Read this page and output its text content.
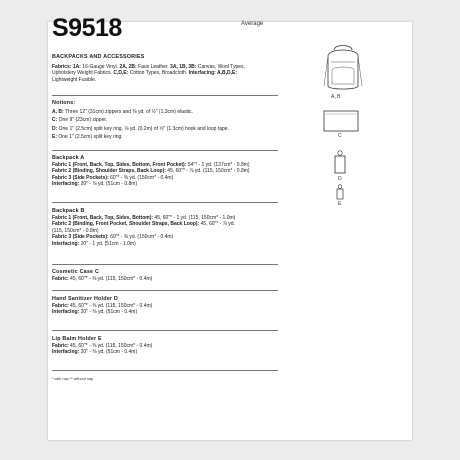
S9518	Average

BACKPACKS AND ACCESSORIES

Fabrics: 1A: 16-Gauge Vinyl. 2A, 2B: Faux Leather. 3A, 1B, 3B: Canvas, Wool Types,

Upholstery Weight Fabrics. C,D,E: Cotton Types, Broadcloth. Interfacing: A,B,D,E:

Lightweight Fusible.

Notions:

A, B: Three 12" (31cm) zippers and ⅜ yd. of ½" (1.3cm) elastic.

C: One 9" (23cm) zipper.

D: One 1" (2.5cm) split key ring, ⅛ yd. (0.2m) of ½" (1.3cm) hook and loop tape.

E: One 1" (2.5cm) split key ring.

Backpack A

Fabric 1 (Front, Back, Top, Sides, Bottom, Front Pocket): 54"* - 1 yd. (137cm* - 0.8m)

Fabric 2 (Binding, Shoulder Straps, Back Loop): 45, 60"* - ⅞ yd. (115, 150cm* - 0.8m)

Fabric 3 (Side Pockets): 60"* - ⅜ yd. (150cm* - 0.4m)

Interfacing: 20" - ⅞ yd. (51cm - 0.8m)

Backpack B

Fabric 1 (Front, Back, Top, Sides, Bottom): 45, 60"* - 1 yd. (115, 150cm* - 1.0m)

Fabric 2 (Binding, Front Pocket, Shoulder Straps, Back Loop): 45, 60"* - ⅞ yd.

(115, 150cm* - 0.8m)

Fabric 3 (Side Pockets): 60"* - ⅜ yd. (150cm* - 0.4m)

Interfacing: 20" - 1 yd. (51cm - 1.0m)

Cosmetic Case C

Fabric: 45, 60"* - ⅜ yd. (115, 150cm* - 0.4m)

Hand Sanitizer Holder D

Fabric: 45, 60"* - ⅜ yd. (115, 150cm* - 0.4m)

Interfacing: 20" - ⅜ yd. (51cm - 0.4m)

Lip Balm Holder E

Fabric: 45, 60"* - ⅜ yd. (115, 150cm* - 0.4m)

Interfacing: 20" - ⅜ yd. (51cm - 0.4m)

* with nap ** without nap
A, B
C
D
E
